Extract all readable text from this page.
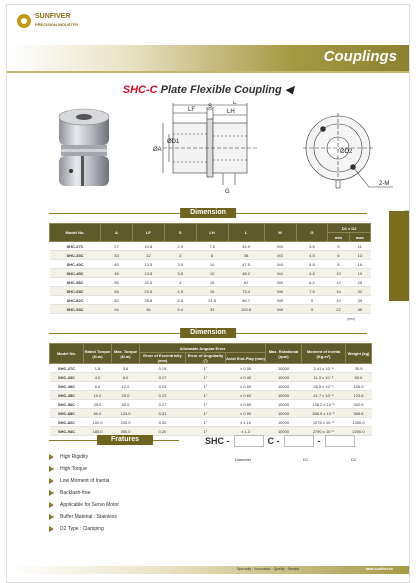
SUNFIVER
PRECISION INDUSTRY
Couplings
SHC-C Plate Flexible Coupling ◀
LF S
LH
L
ØA
ØD1
ØD2
G
2-M
119
Dimension
Model No.	A	LF	S	LH	L	M	G	D1 x D2	
								min	max
SHC-27C	27	10.8	2.9	7.5	34.9	M3	3.5	5	11
SHC-33C	33	12	3	8	38	M3	4.5	6	13
SHC-40C	40	13.5	3.5	10	47.5	M4	4.8	8	16
SHC-45C	45	13.5	3.6	10	48.2	M4	4.8	10	19
SHC-56C	56	20.5	4	15	62	M5	6.2	12	25
SHC-68C	68	24.5	4.5	16	73.4	M6	7.5	14	32
SHC-82C	82	29.8	8.8	21.5	98.7	M8	9	19	35
SHC-94C	94	36	9.4	33	120.8	M8	9	22	45
(mm)
Dimension
Model No.	Rated Torque (N.m)	Max. Torque (N.m)	Allowable Angular Error			Max. Rotational (rpm)	Moment of Inertia (Kg.m²)	Weight (kg)
			Error of Eccentricity (mm)	Error of Angularity (°)	Axial End-Play (mm)			
SHC-27C	1.8	3.6	0.15	1°	± 0.35	10000	3.41 x 10⁻⁶	35.9
SHC-33C	4.0	8.0	0.17	1°	± 0.40	10000	11.3 x 10⁻⁶	60.6
SHC-40C	6.0	12.0	0.23	1°	± 0.50	10000	26.5 x 10⁻⁶	105.9
SHC-45C	10.0	20.0	0.23	1°	± 0.60	10000	41.7 x 10⁻⁶	123.6
SHC-56C	25.0	50.0	0.27	1°	± 0.80	10000	136.2 x 10⁻⁶	302.9
SHC-68C	60.0	124.0	0.31	1°	± 0.90	10000	388.9 x 10⁻⁶	565.6
SHC-82C	100.0	200.0	0.32	1°	± 1.10	10000	1076 x 10⁻⁶	1300.0
SHC-94C	180.0	350.0	0.20	1°	± 1.3	10000	2790 x 10⁻⁶	2200.0
Fratures
High Rigidity
High Torque
Low Moment of Inertia
Backlash-free
Applicable for Servo Motor
Buffer Material : Stainless
D2 Type : Clamping
SHC -	C -	-
Diameter	D1	D2
Specialty · Innovation · Quality · Service	www.sunfiver.tw
